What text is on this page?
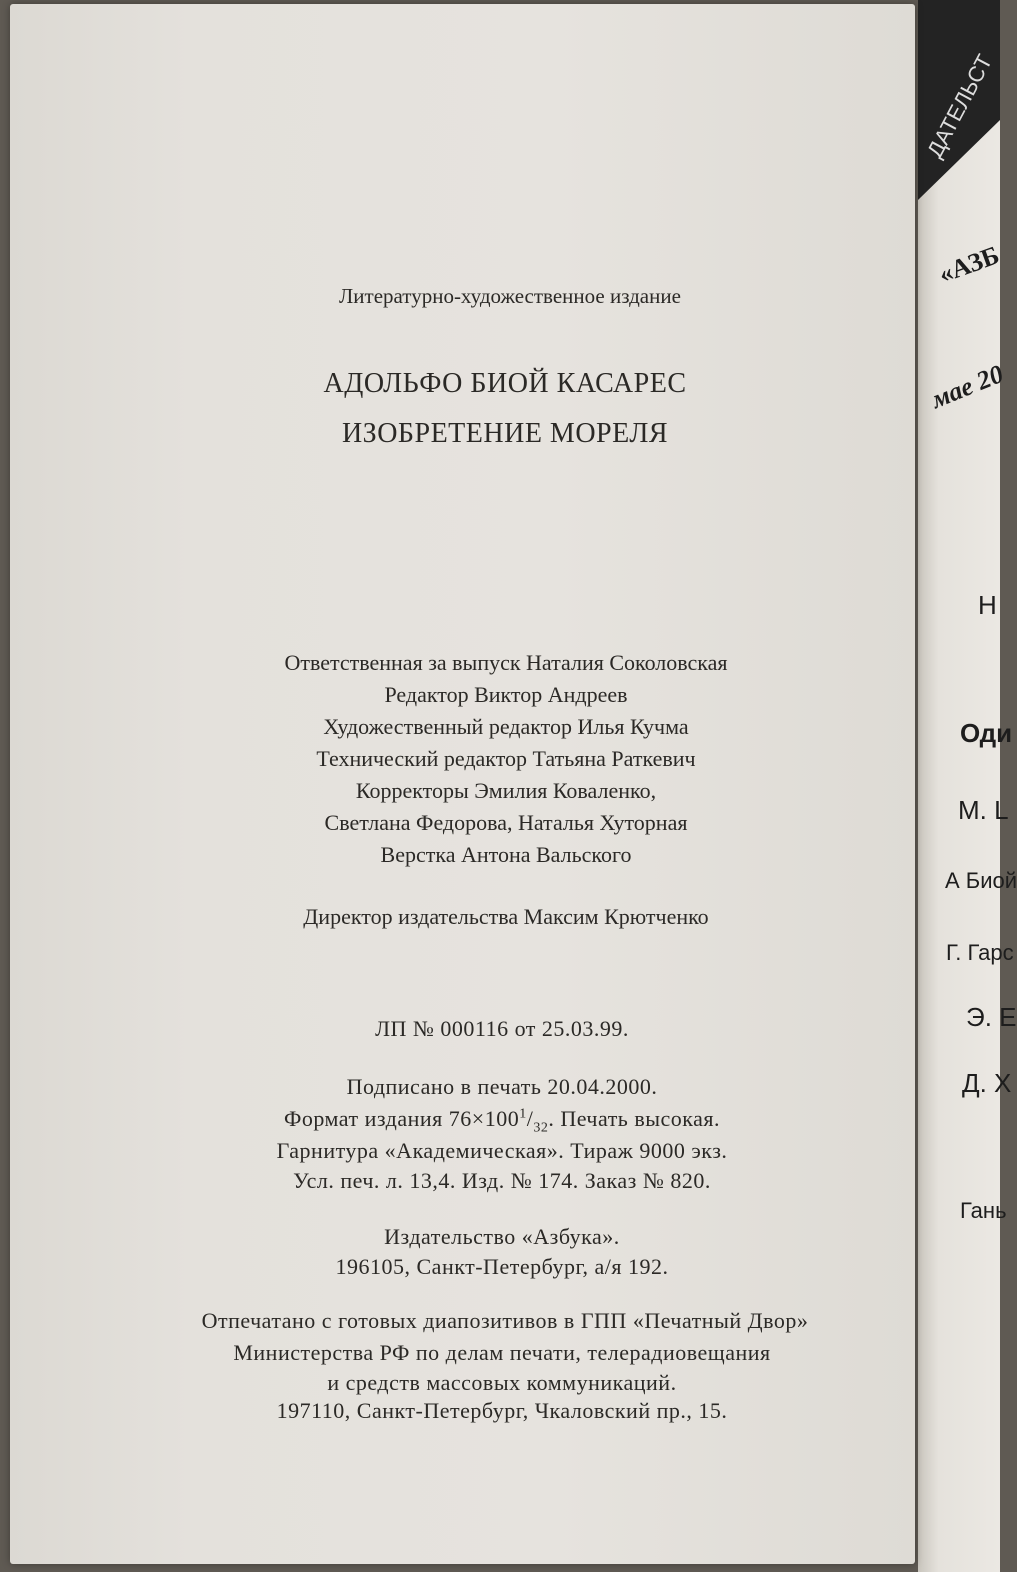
ДАТЕЛЬСТ
«АЗБ
мае 20
Н
Оди
М. L
А Биой
Г. Гарс
Э. Е
Д. Х
Гань
Литературно-художественное издание
АДОЛЬФО БИОЙ КАСАРЕС
ИЗОБРЕТЕНИЕ МОРЕЛЯ
Ответственная за выпуск Наталия Соколовская
Редактор Виктор Андреев
Художественный редактор Илья Кучма
Технический редактор Татьяна Раткевич
Корректоры Эмилия Коваленко,
Светлана Федорова, Наталья Хуторная
Верстка Антона Вальского
Директор издательства Максим Крютченко
ЛП № 000116 от 25.03.99.
Подписано в печать 20.04.2000.
Формат издания $76\times 100^1/_{32}$. Печать высокая.
Гарнитура «Академическая». Тираж 9000 экз.
Усл. печ. л. 13,4. Изд. № 174. Заказ № 820.
Издательство «Азбука».
196105, Санкт-Петербург, а/я 192.
Отпечатано с готовых диапозитивов в ГПП «Печатный Двор»
Министерства РФ по делам печати, телерадиовещания
и средств массовых коммуникаций.
197110, Санкт-Петербург, Чкаловский пр., 15.
